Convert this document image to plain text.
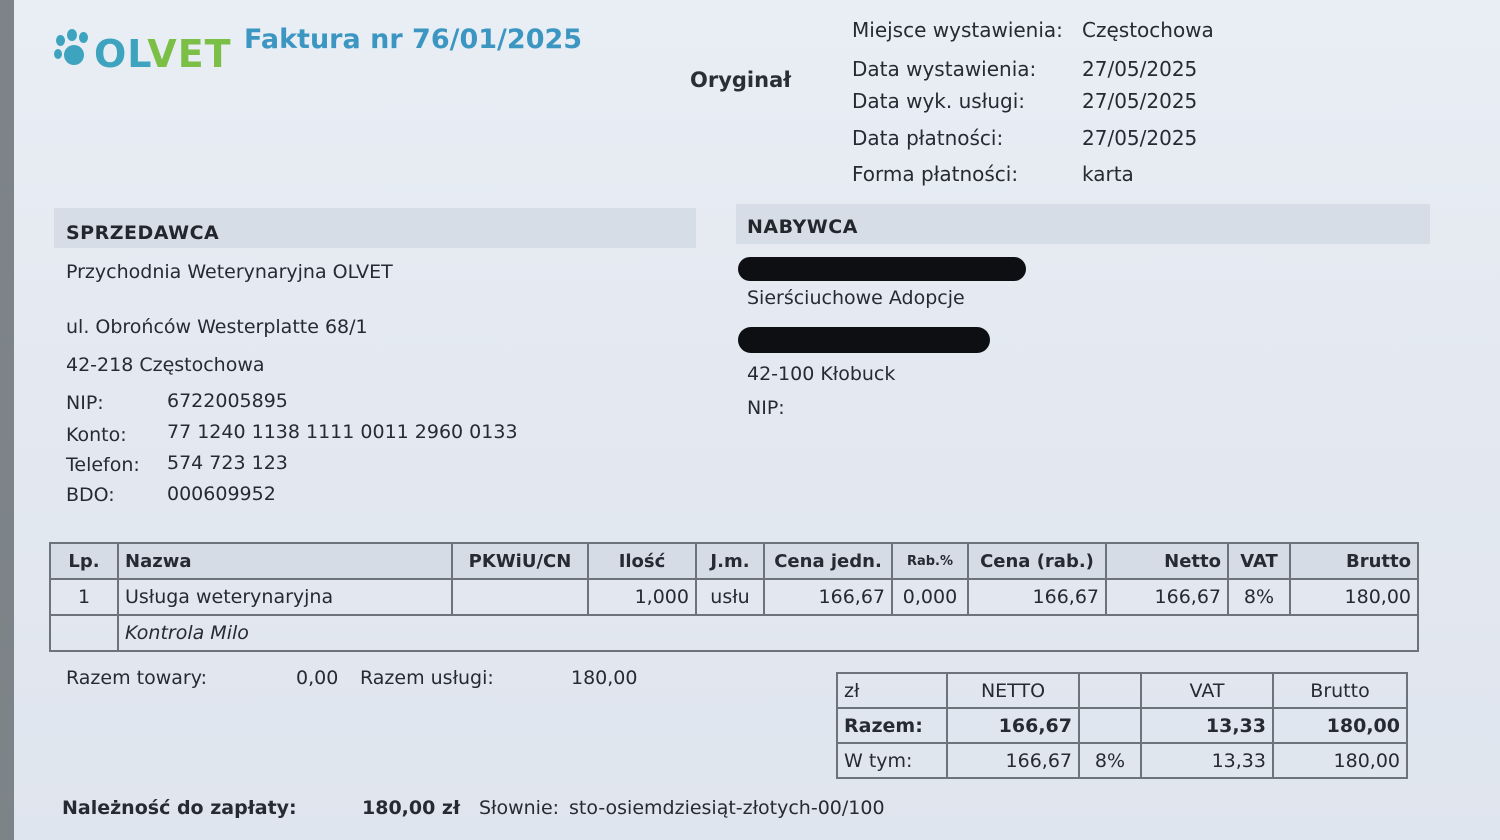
OLVET Faktura nr 76/01/2025
Oryginał
Miejsce wystawienia: Częstochowa
Data wystawienia: 27/05/2025
Data wyk. usługi:	27/05/2025
Data płatności:	27/05/2025
Forma płatności:	karta
SPRZEDAWCA
Przychodnia Weterynaryjna OLVET
ul. Obrońców Westerplatte 68/1
42-218 Częstochowa
NIP:	6722005895
Konto: 77 1240 1138 1111 0011 2960 0133
Telefon: 574 723 123
BDO:	000609952
NABYWCA
Sierściuchowe Adopcje
42-100 Kłobuck
NIP:
Lp.	Nazwa	PKWiU/CN	Ilość	J.m.	Cena jedn.	Rab.%	Cena (rab.)	Netto	VAT	Brutto
1	Usługa weterynaryjna		1,000	usłu	166,67	0,000	166,67	166,67	8%	180,00
	Kontrola Milo									
Razem towary:	0,00 Razem usługi:	180,00
zł	NETTO		VAT	Brutto
Razem:	166,67		13,33	180,00
W tym:	166,67	8%	13,33	180,00
Należność do zapłaty:	180,00 zł Słownie: sto-osiemdziesiąt-złotych-00/100
